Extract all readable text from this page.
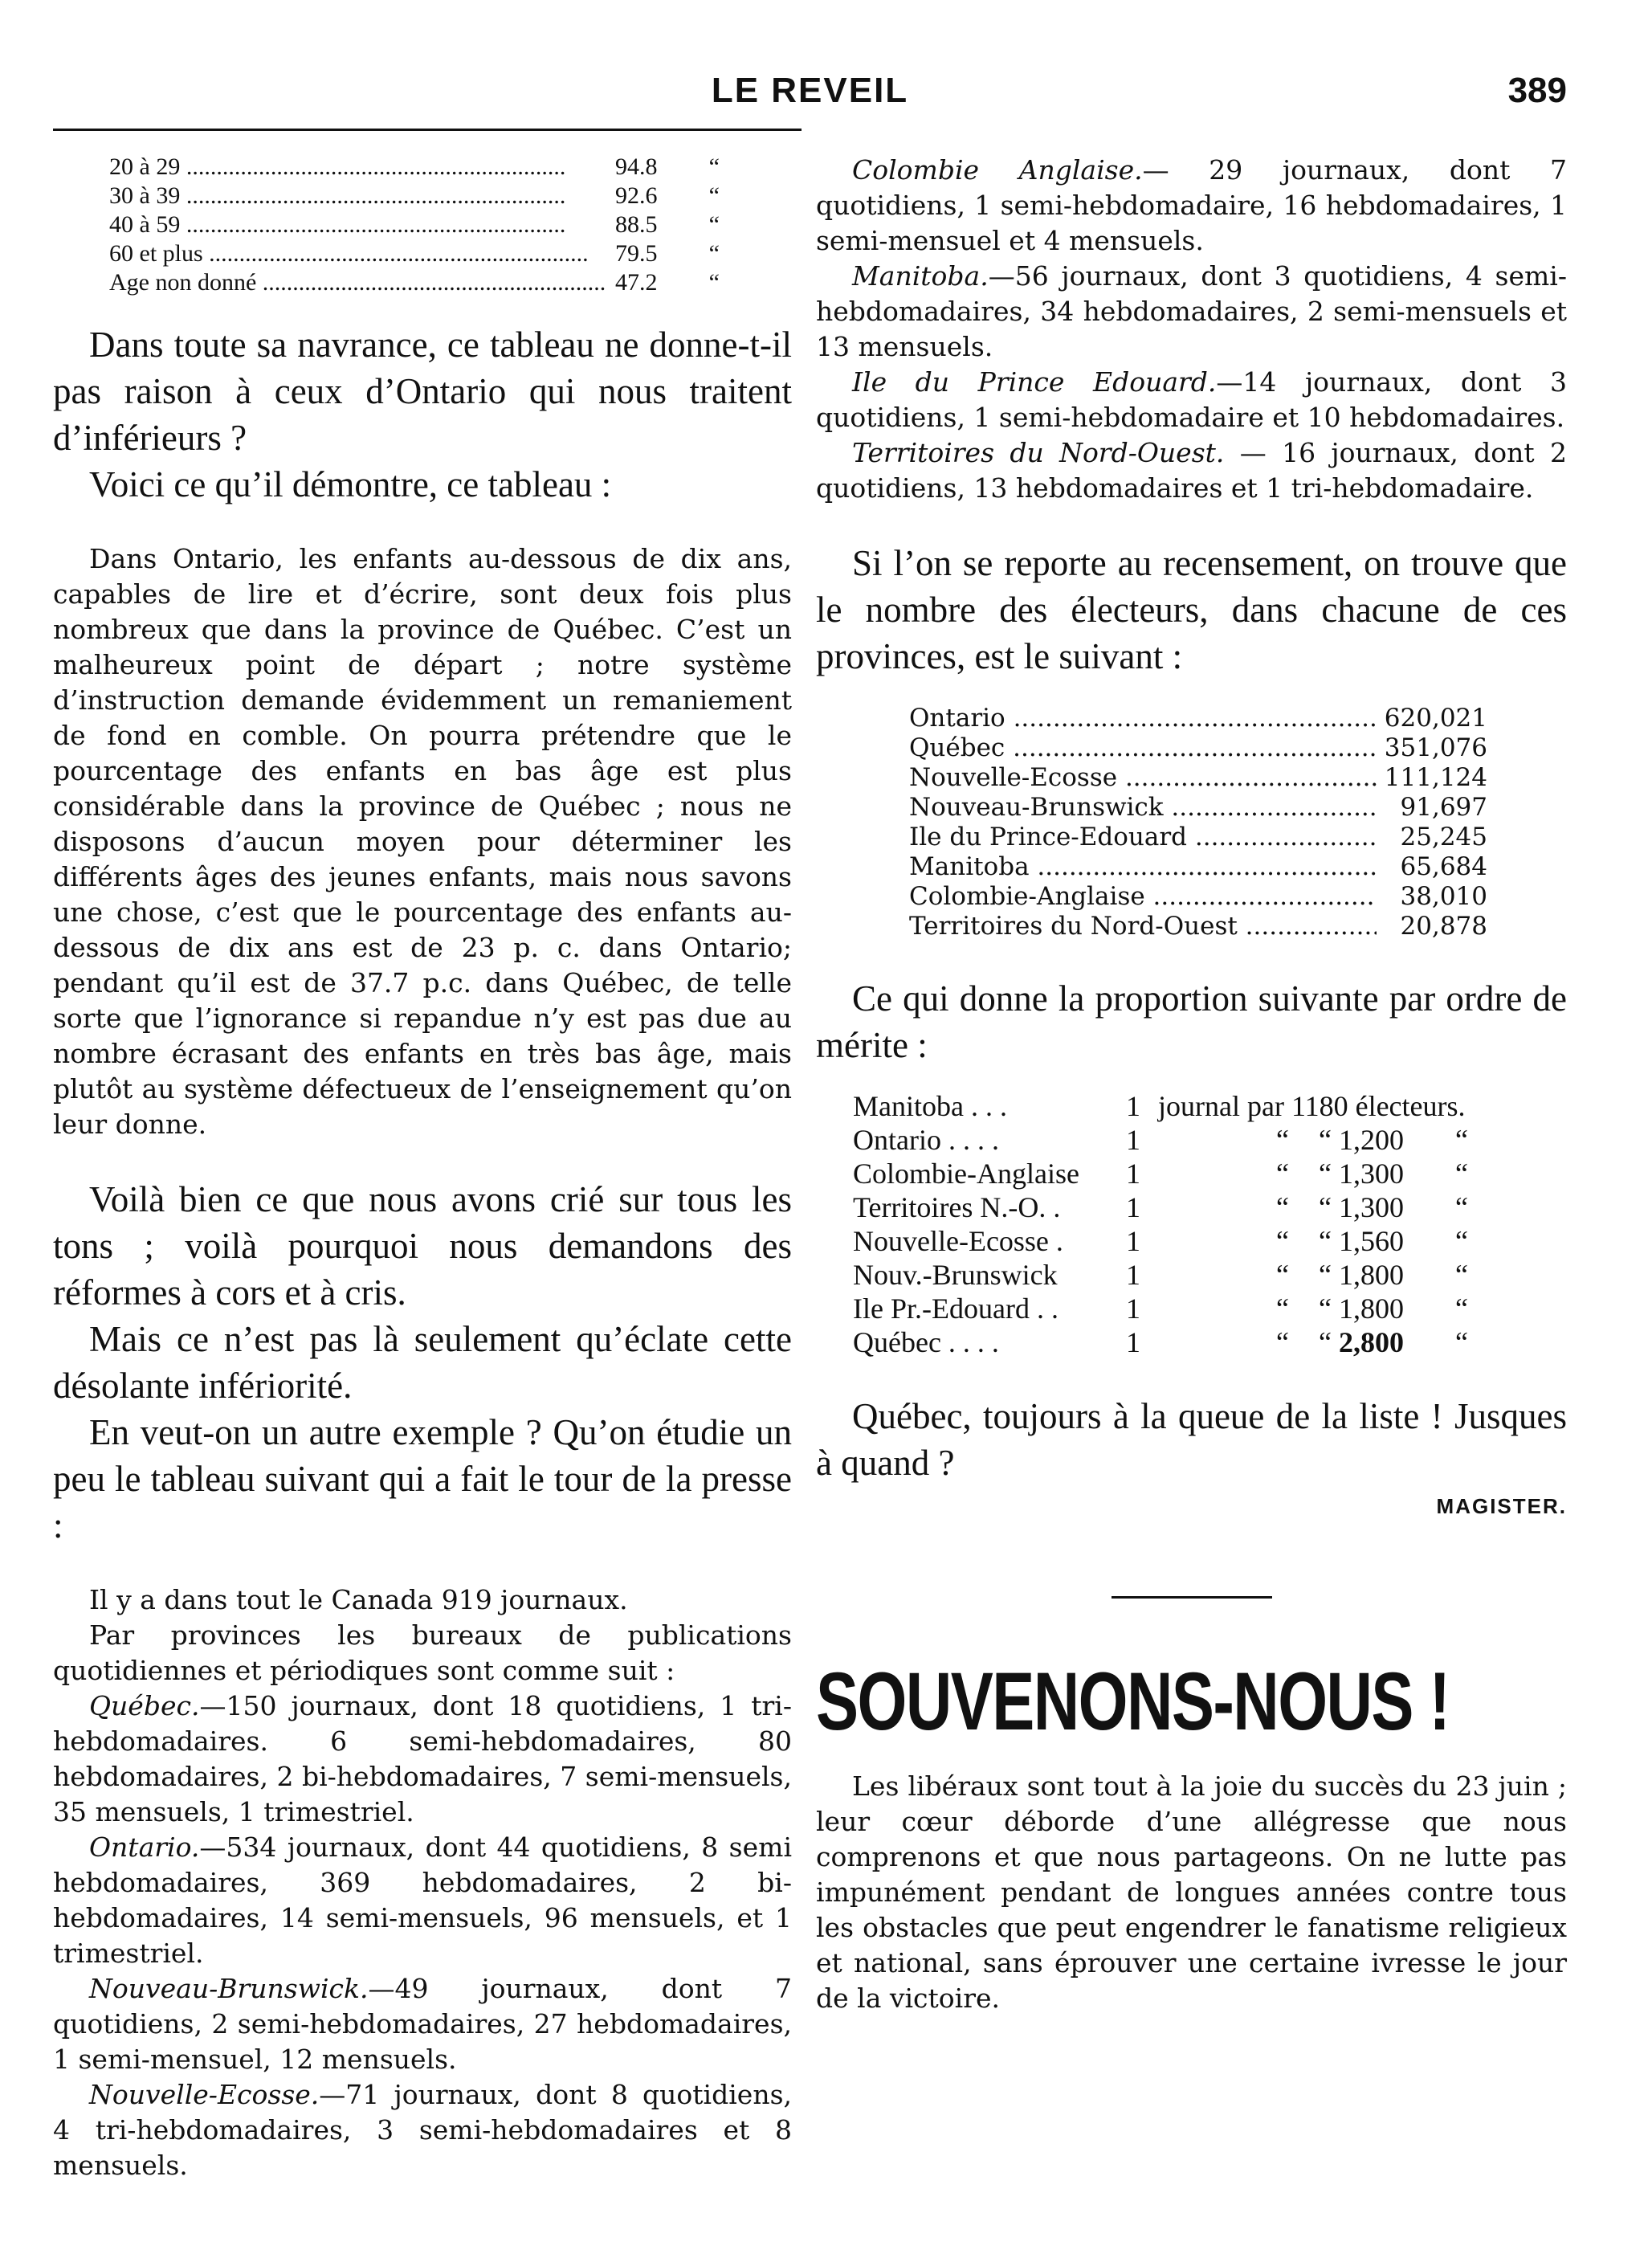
LE REVEIL	389
20 à 29 .....	94.8	“
30 à 39 .....	92.6	“
40 à 59 .....	88.5	“
60 et plus .....	79.5	“
Age non donné .....	47.2	“

Dans toute sa navrance, ce tableau ne donne-t-il pas raison à ceux d’Ontario qui nous traitent d’inférieurs ?

Voici ce qu’il démontre, ce tableau :

Dans Ontario, les enfants au-dessous de dix ans, capables de lire et d’écrire, sont deux fois plus nombreux que dans la province de Québec. C’est un malheureux point de départ ; notre système d’instruction demande évidemment un remaniement de fond en comble. On pourra prétendre que le pourcentage des enfants en bas âge est plus considérable dans la province de Québec ; nous ne disposons d’aucun moyen pour déterminer les différents âges des jeunes enfants, mais nous savons une chose, c’est que le pourcentage des enfants au-dessous de dix ans est de 23 p. c. dans Ontario; pendant qu’il est de 37.7 p.c. dans Québec, de telle sorte que l’ignorance si repandue n’y est pas due au nombre écrasant des enfants en très bas âge, mais plutôt au système défectueux de l’enseignement qu’on leur donne.

Voilà bien ce que nous avons crié sur tous les tons ; voilà pourquoi nous demandons des réformes à cors et à cris.

Mais ce n’est pas là seulement qu’éclate cette désolante infériorité.

En veut-on un autre exemple ? Qu’on étudie un peu le tableau suivant qui a fait le tour de la presse :

Il y a dans tout le Canada 919 journaux.

Par provinces les bureaux de publications quotidiennes et périodiques sont comme suit :

Québec.—150 journaux, dont 18 quotidiens, 1 tri-hebdomadaires. 6 semi-hebdomadaires, 80 hebdomadaires, 2 bi-hebdomadaires, 7 semi-mensuels, 35 mensuels, 1 trimestriel.

Ontario.—534 journaux, dont 44 quotidiens, 8 semi hebdomadaires, 369 hebdomadaires, 2 bi-hebdomadaires, 14 semi-mensuels, 96 mensuels, et 1 trimestriel.

Nouveau-Brunswick.—49 journaux, dont 7 quotidiens, 2 semi-hebdomadaires, 27 hebdomadaires, 1 semi-mensuel, 12 mensuels.

Nouvelle-Ecosse.—71 journaux, dont 8 quotidiens, 4 tri-hebdomadaires, 3 semi-hebdomadaires et 8 mensuels.

Colombie Anglaise.— 29 journaux, dont 7 quotidiens, 1 semi-hebdomadaire, 16 hebdomadaires, 1 semi-mensuel et 4 mensuels.

Manitoba.—56 journaux, dont 3 quotidiens, 4 semi-hebdomadaires, 34 hebdomadaires, 2 semi-mensuels et 13 mensuels.

Ile du Prince Edouard.—14 journaux, dont 3 quotidiens, 1 semi-hebdomadaire et 10 hebdomadaires.

Territoires du Nord-Ouest. — 16 journaux, dont 2 quotidiens, 13 hebdomadaires et 1 tri-hebdomadaire.

Si l’on se reporte au recensement, on trouve que le nombre des électeurs, dans chacune de ces provinces, est le suivant :

Ontario .....	620,021
Québec .....	351,076
Nouvelle-Ecosse .....	111,124
Nouveau-Brunswick .....	91,697
Ile du Prince-Edouard .....	25,245
Manitoba .....	65,684
Colombie-Anglaise .....	38,010
Territoires du Nord-Ouest .....	20,878

Ce qui donne la proportion suivante par ordre de mérite :

Manitoba . . .	1 journal par 1180 électeurs.
Ontario . . . .	1	“	“ 1,200	“
Colombie-Anglaise	1	“	“ 1,300	“
Territoires N.-O. .	1	“	“ 1,300	“
Nouvelle-Ecosse .	1	“	“ 1,560	“
Nouv.-Brunswick	1	“	“ 1,800	“
Ile Pr.-Edouard . .	1	“	“ 1,800	“
Québec . . . .	1	“	“ 2,800	“

Québec, toujours à la queue de la liste ! Jusques à quand ?

MAGISTER.
SOUVENONS-NOUS !

Les libéraux sont tout à la joie du succès du 23 juin ; leur cœur déborde d’une allégresse que nous comprenons et que nous partageons. On ne lutte pas impunément pendant de longues années contre tous les obstacles que peut engendrer le fanatisme religieux et national, sans éprouver une certaine ivresse le jour de la victoire.
